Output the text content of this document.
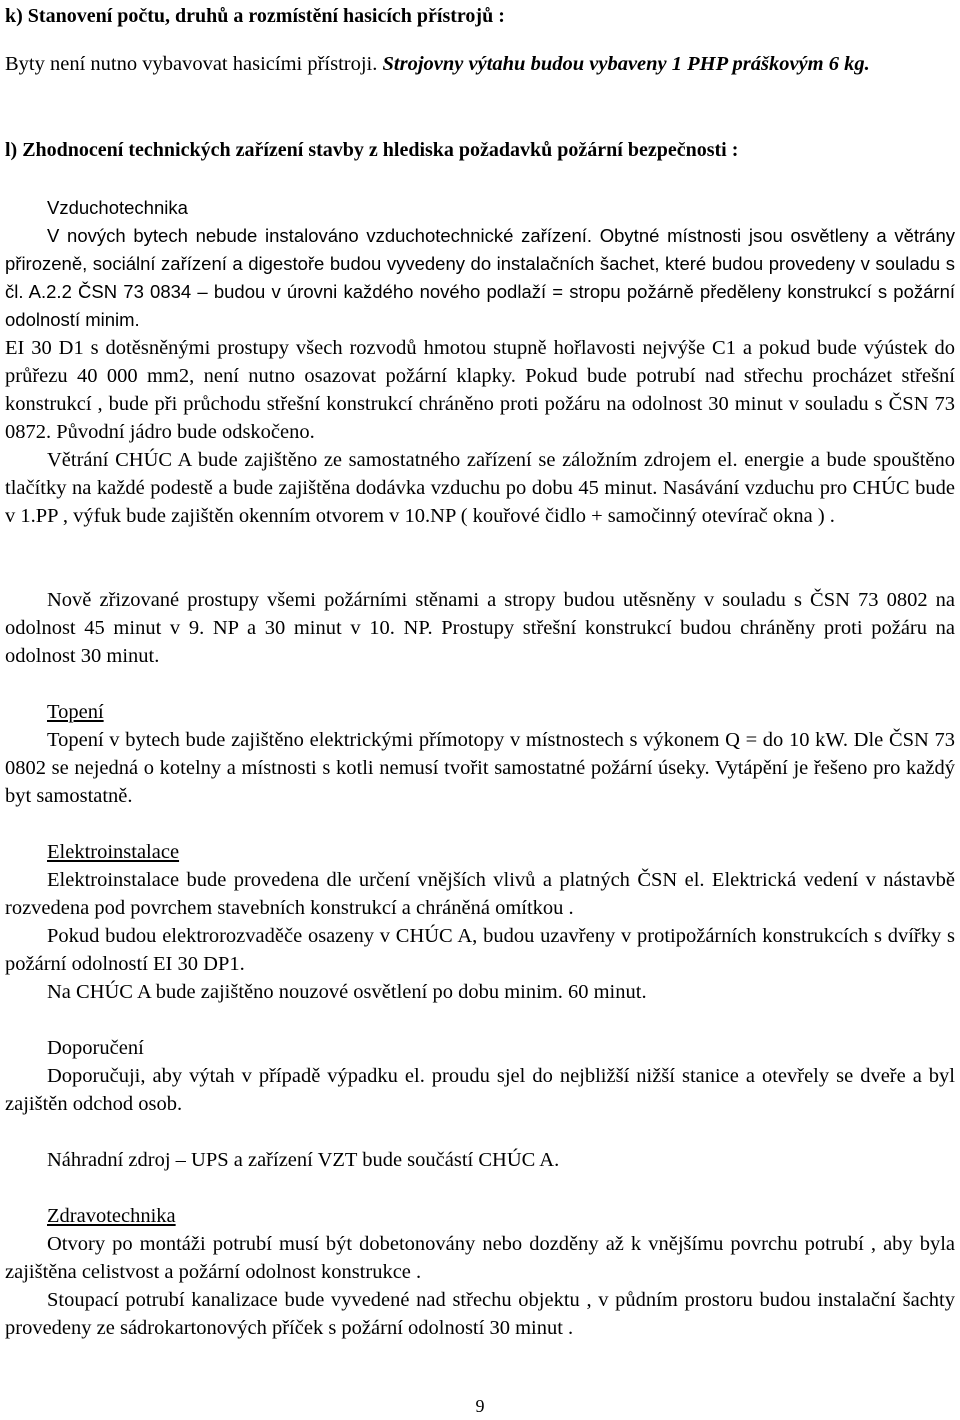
k) Stanovení počtu, druhů a rozmístění hasicích přístrojů :

Byty není nutno vybavovat hasicími přístroji. Strojovny výtahu budou vybaveny 1 PHP práškovým 6 kg.

l) Zhodnocení technických zařízení stavby z hlediska požadavků požární bezpečnosti :

Vzduchotechnika

V nových bytech nebude instalováno vzduchotechnické zařízení. Obytné místnosti jsou osvětleny a větrány přirozeně, sociální zařízení a digestoře budou vyvedeny do instalačních šachet, které budou provedeny v souladu s čl. A.2.2 ČSN 73 0834 – budou v úrovni každého nového podlaží = stropu požárně předěleny konstrukcí s požární odolností minim. EI 30 D1 s dotěsněnými prostupy všech rozvodů hmotou stupně hořlavosti nejvýše C1 a pokud bude výústek do průřezu 40 000 mm2, není nutno osazovat požární klapky. Pokud bude potrubí nad střechu procházet střešní konstrukcí , bude při průchodu střešní konstrukcí chráněno proti požáru na odolnost 30 minut v souladu s ČSN 73 0872. Původní jádro bude odskočeno.

Větrání CHÚC A bude zajištěno ze samostatného zařízení se záložním zdrojem el. energie a bude spouštěno tlačítky na každé podestě a bude zajištěna dodávka vzduchu po dobu 45 minut. Nasávání vzduchu pro CHÚC bude v 1.PP , výfuk bude zajištěn okenním otvorem v 10.NP ( kouřové čidlo + samočinný otevírač okna ) .

Nově zřizované prostupy všemi požárními stěnami a stropy budou utěsněny v souladu s ČSN 73 0802 na odolnost 45 minut v 9. NP a 30 minut v 10. NP. Prostupy střešní konstrukcí budou chráněny proti požáru na odolnost 30 minut.

Topení

Topení v bytech bude zajištěno elektrickými přímotopy v místnostech s výkonem Q = do 10 kW. Dle ČSN 73 0802 se nejedná o kotelny a místnosti s kotli nemusí tvořit samostatné požární úseky. Vytápění je řešeno pro každý byt samostatně.

Elektroinstalace

Elektroinstalace bude provedena dle určení vnějších vlivů a platných ČSN el. Elektrická vedení v nástavbě rozvedena pod povrchem stavebních konstrukcí a chráněná omítkou .

Pokud budou elektrorozvaděče osazeny v CHÚC A, budou uzavřeny v protipožárních konstrukcích s dvířky s požární odolností EI 30 DP1.

Na CHÚC A bude zajištěno nouzové osvětlení po dobu minim. 60 minut.

Doporučení

Doporučuji, aby výtah v případě výpadku el. proudu sjel do nejbližší nižší stanice a otevřely se dveře a byl zajištěn odchod osob.

Náhradní zdroj – UPS a zařízení VZT bude součástí CHÚC A.

Zdravotechnika

Otvory po montáži potrubí musí být dobetonovány nebo dozděny až k vnějšímu povrchu potrubí , aby byla zajištěna celistvost a požární odolnost konstrukce .

Stoupací potrubí kanalizace bude vyvedené nad střechu objektu , v půdním prostoru budou instalační šachty provedeny ze sádrokartonových příček s požární odolností 30 minut .

9
